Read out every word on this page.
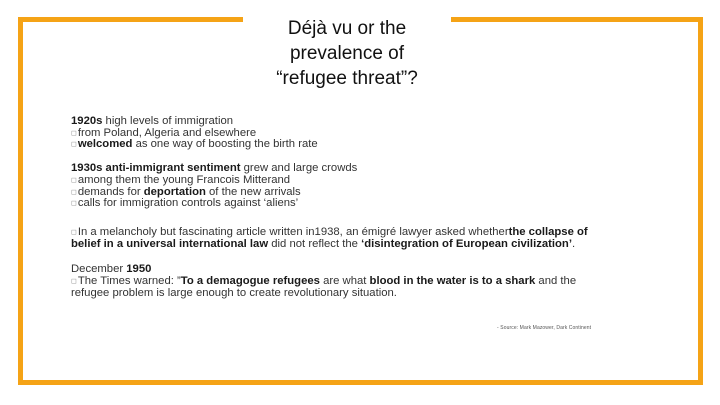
Déjà vu or the
prevalence of
“refugee threat”?
1920s high levels of immigration
◻from Poland, Algeria and elsewhere
◻welcomed as one way of boosting the birth rate
1930s anti-immigrant sentiment grew and large crowds
◻among them the young Francois Mitterand
◻demands for deportation of the new arrivals
◻calls for immigration controls against ‘aliens’
◻In a melancholy but fascinating article written in1938, an émigré lawyer asked whetherthe collapse of
belief in a universal international law did not reflect the ‘disintegration of European civilization’.
December 1950
◻The Times warned: ”To a demagogue refugees are what blood in the water is to a shark and the
refugee problem is large enough to create revolutionary situation.
- Source: Mark Mazower, Dark Continent
